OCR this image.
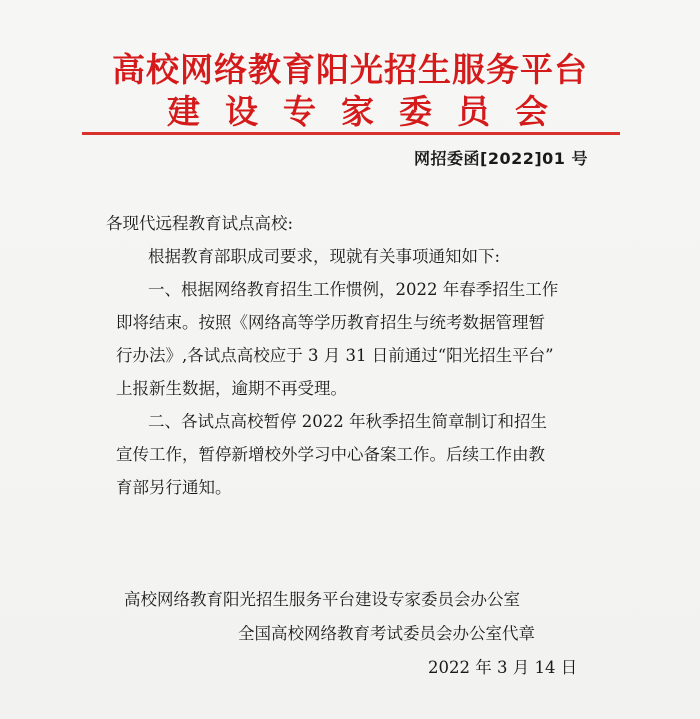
高校网络教育阳光招生服务平台
建设专家委员会
网招委函[2022]01 号
各现代远程教育试点高校:
根据教育部职成司要求，现就有关事项通知如下:
一、根据网络教育招生工作惯例，2022 年春季招生工作
即将结束。按照《网络高等学历教育招生与统考数据管理暂
行办法》,各试点高校应于 3 月 31 日前通过“阳光招生平台”
上报新生数据，逾期不再受理。
二、各试点高校暂停 2022 年秋季招生简章制订和招生
宣传工作，暂停新增校外学习中心备案工作。后续工作由教
育部另行通知。
高校网络教育阳光招生服务平台建设专家委员会办公室
全国高校网络教育考试委员会办公室代章
2022 年 3 月 14 日
